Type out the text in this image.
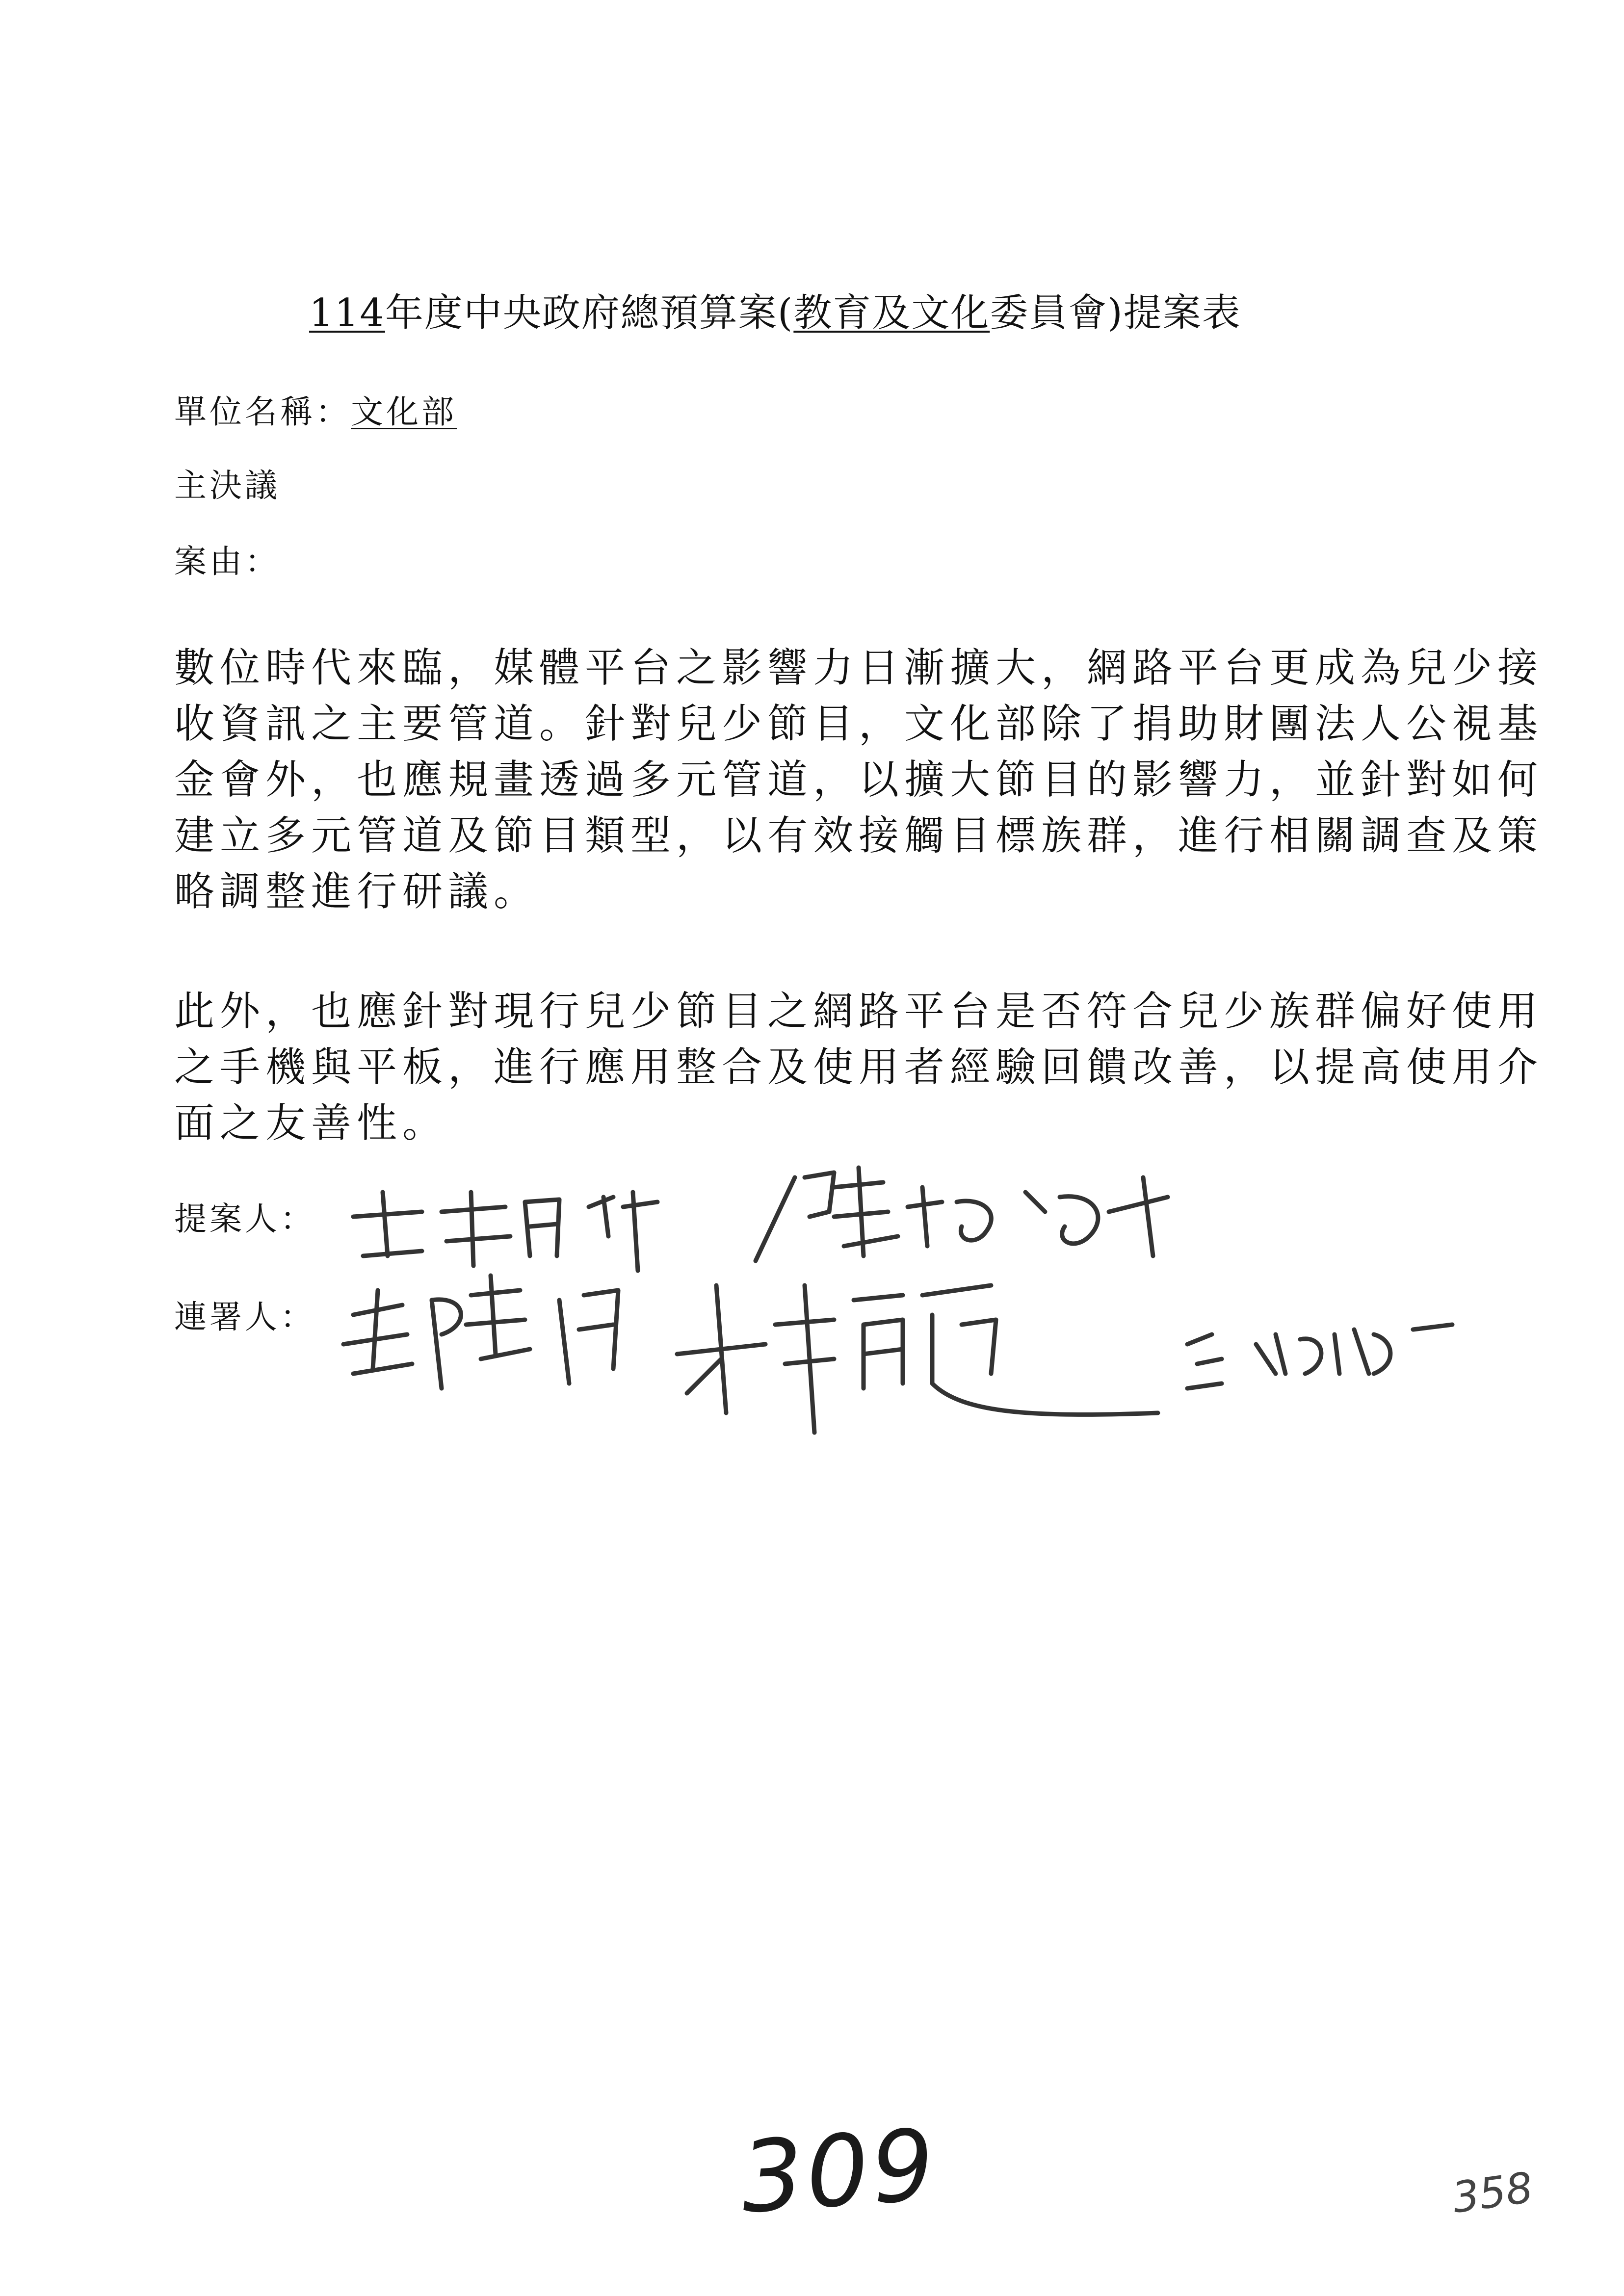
114年度中央政府總預算案(教育及文化委員會)提案表
單位名稱：文化部
主決議
案由：
數位時代來臨，媒體平台之影響力日漸擴大，網路平台更成為兒少接
收資訊之主要管道。針對兒少節目，文化部除了捐助財團法人公視基
金會外，也應規畫透過多元管道，以擴大節目的影響力，並針對如何
建立多元管道及節目類型，以有效接觸目標族群，進行相關調查及策
略調整進行研議。
此外，也應針對現行兒少節目之網路平台是否符合兒少族群偏好使用
之手機與平板，進行應用整合及使用者經驗回饋改善，以提高使用介
面之友善性。
提案人：
連署人：
309	358
